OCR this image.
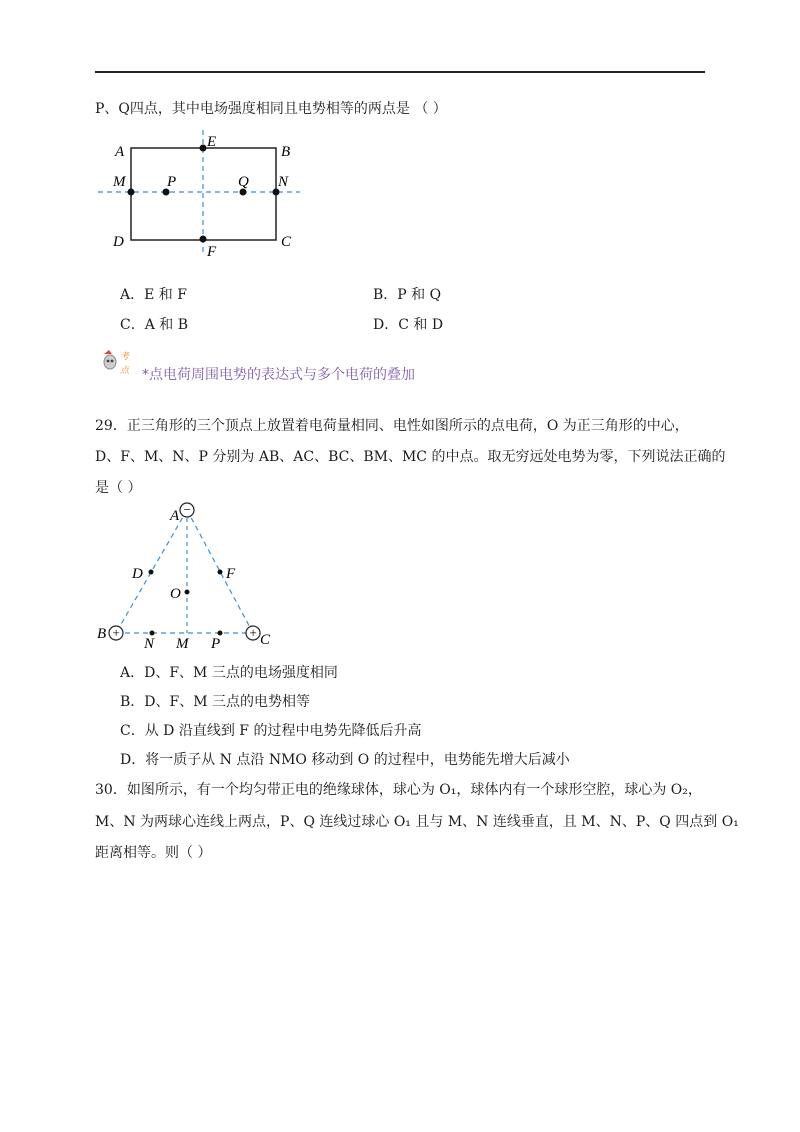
P、Q四点，其中电场强度相同且电势相等的两点是 （ ）
A	B
C
D
E
F
M	N
P	Q
A．E 和 F	B．P 和 Q
C．A 和 B	D．C 和 D
考
点 *点电荷周围电势的表达式与多个电荷的叠加
29．正三角形的三个顶点上放置着电荷量相同、电性如图所示的点电荷，O 为正三角形的中心，
D、F、M、N、P 分别为 AB、AC、BC、BM、MC 的中点。取无穷远处电势为零，下列说法正确的
是（ ）
−
+	+
A
B	C
D	F
O
N M P
A．D、F、M 三点的电场强度相同
B．D、F、M 三点的电势相等
C．从 D 沿直线到 F 的过程中电势先降低后升高
D．将一质子从 N 点沿 NMO 移动到 O 的过程中，电势能先增大后减小
30．如图所示，有一个均匀带正电的绝缘球体，球心为 O₁，球体内有一个球形空腔，球心为 O₂，
M、N 为两球心连线上两点，P、Q 连线过球心 O₁ 且与 M、N 连线垂直，且 M、N、P、Q 四点到 O₁
距离相等。则（ ）
